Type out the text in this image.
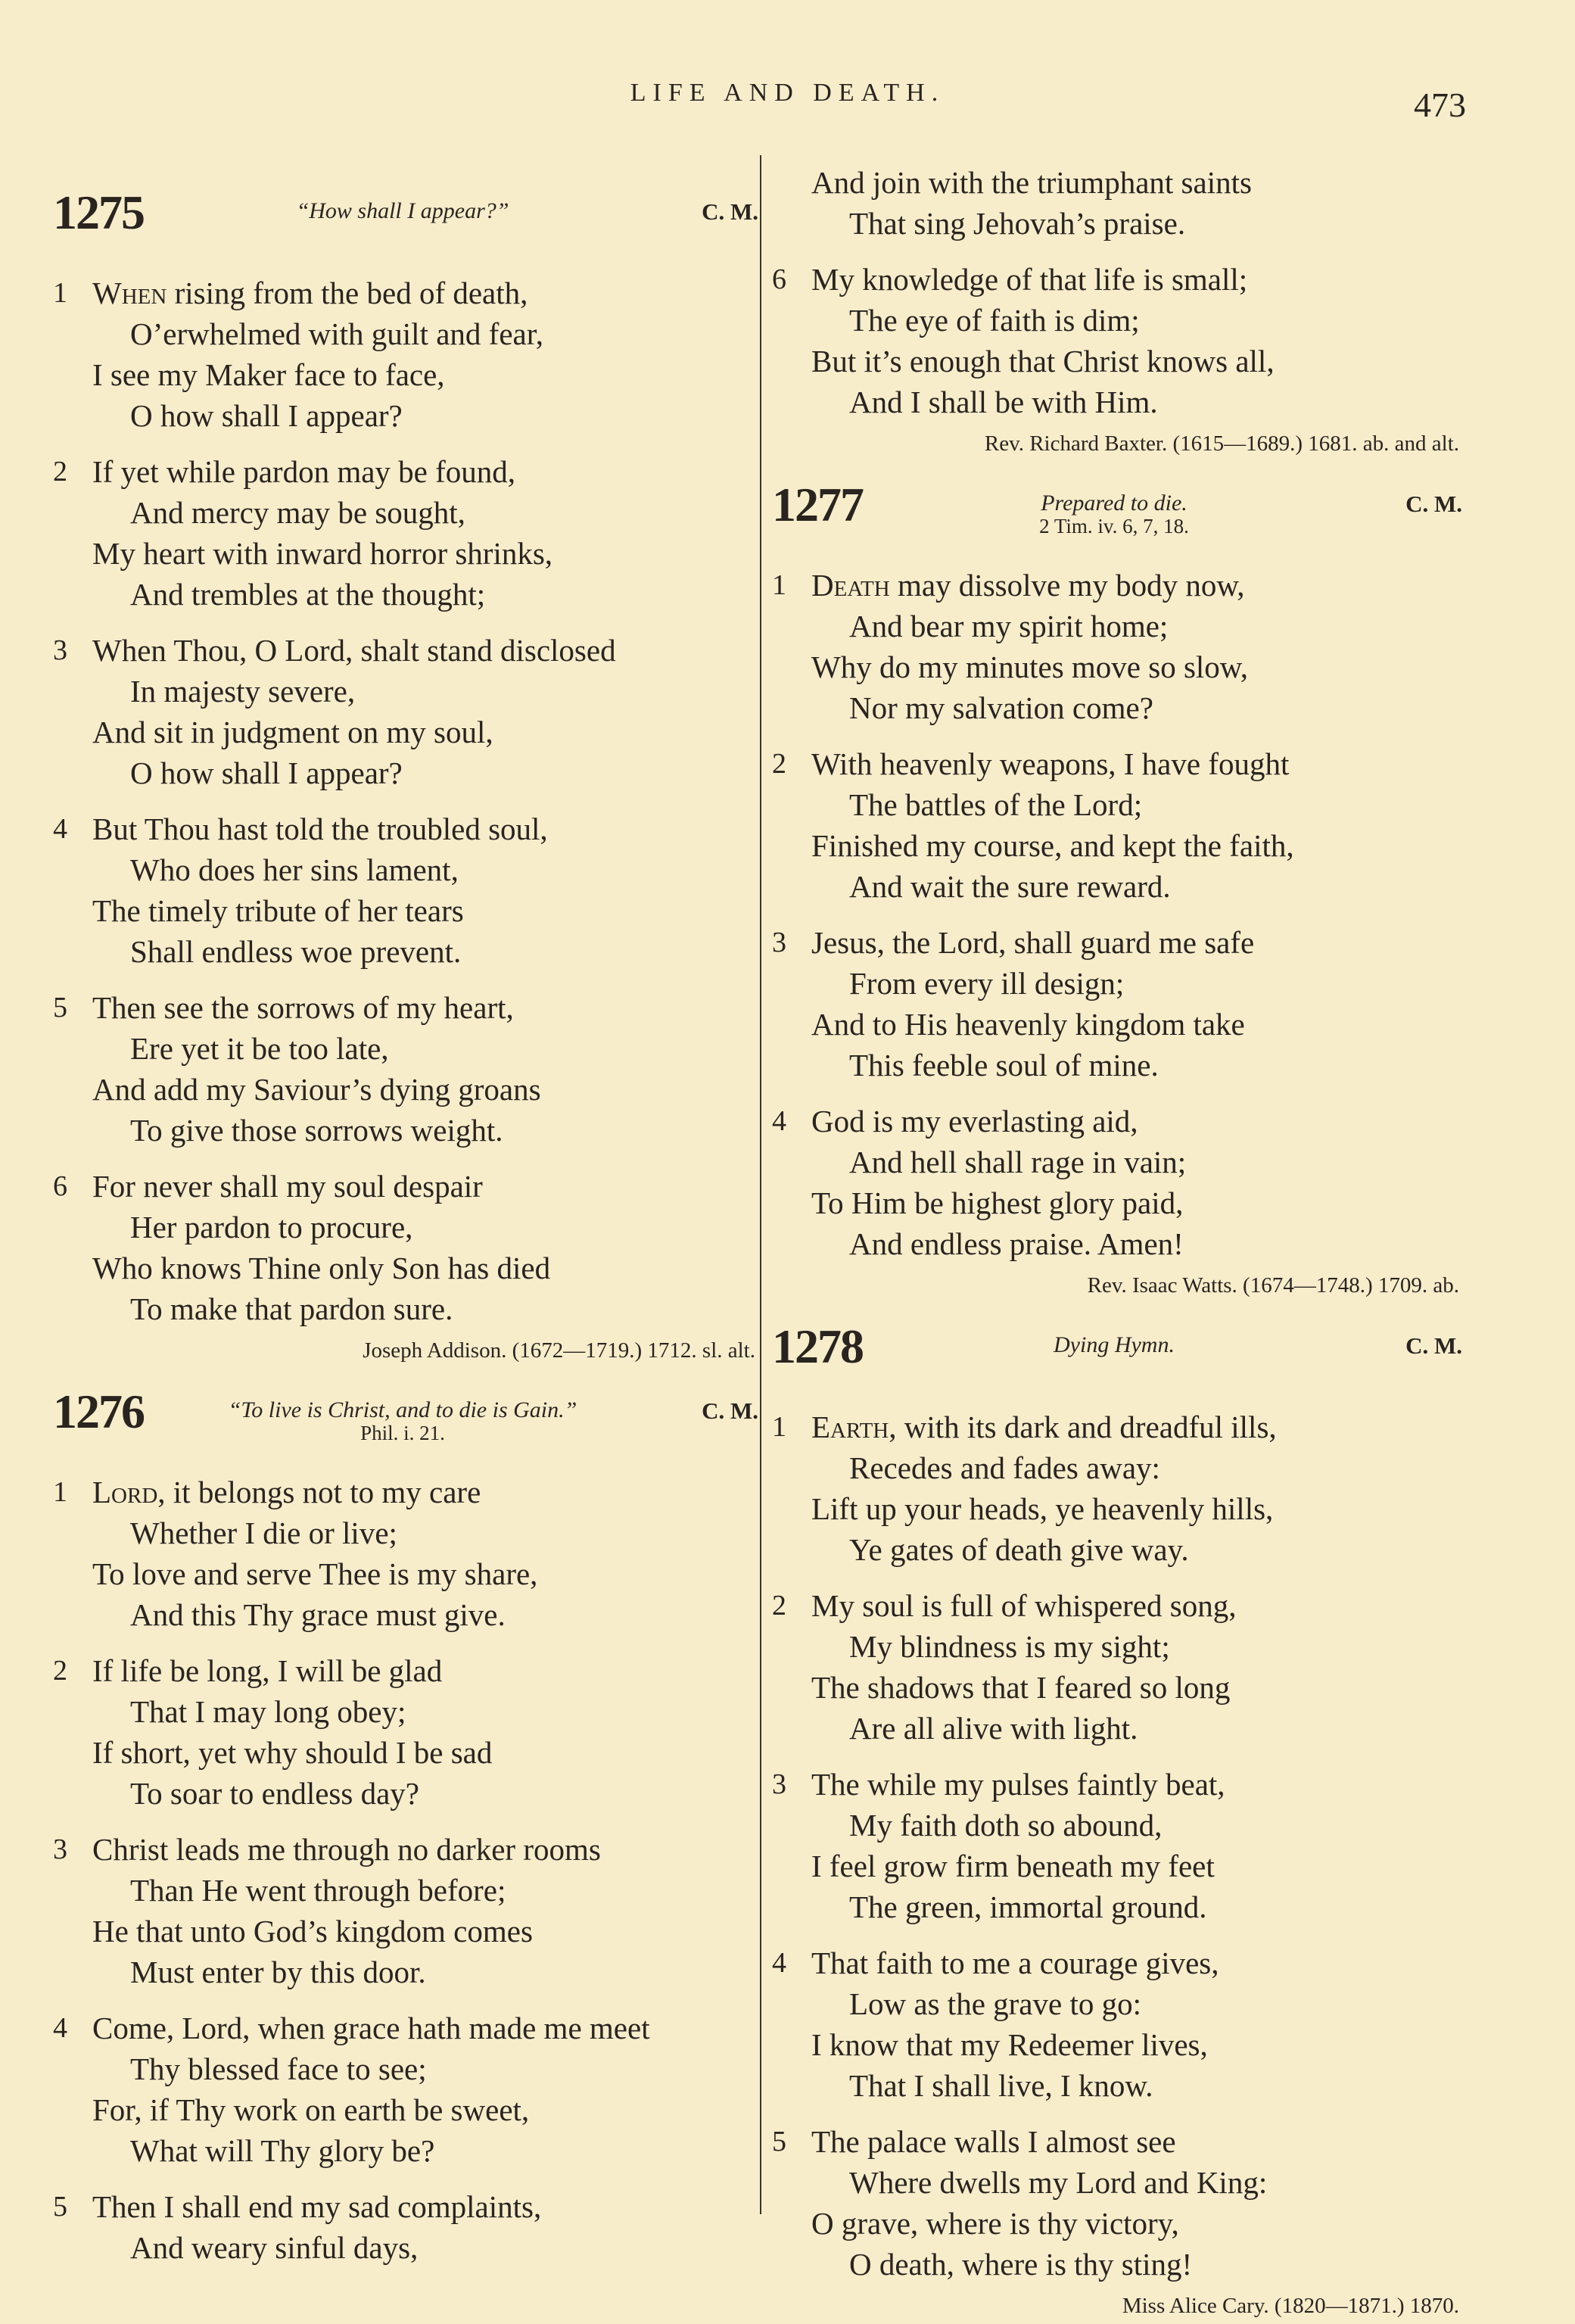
LIFE AND DEATH.	473
1275	“How shall I appear?”	C. M.
1 When rising from the bed of death,
O’erwhelmed with guilt and fear,
I see my Maker face to face,
O how shall I appear?
2 If yet while pardon may be found,
And mercy may be sought,
My heart with inward horror shrinks,
And trembles at the thought;
3 When Thou, O Lord, shalt stand disclosed
In majesty severe,
And sit in judgment on my soul,
O how shall I appear?
4 But Thou hast told the troubled soul,
Who does her sins lament,
The timely tribute of her tears
Shall endless woe prevent.
5 Then see the sorrows of my heart,
Ere yet it be too late,
And add my Saviour’s dying groans
To give those sorrows weight.
6 For never shall my soul despair
Her pardon to procure,
Who knows Thine only Son has died
To make that pardon sure.
Joseph Addison. (1672—1719.) 1712. sl. alt.
1276	“To live is Christ, and to die is Gain.”
Phil. i. 21.
C. M.
1 Lord, it belongs not to my care
Whether I die or live;
To love and serve Thee is my share,
And this Thy grace must give.
2 If life be long, I will be glad
That I may long obey;
If short, yet why should I be sad
To soar to endless day?
3 Christ leads me through no darker rooms
Than He went through before;
He that unto God’s kingdom comes
Must enter by this door.
4 Come, Lord, when grace hath made me meet
Thy blessed face to see;
For, if Thy work on earth be sweet,
What will Thy glory be?
5 Then I shall end my sad complaints,
And weary sinful days,
And join with the triumphant saints
That sing Jehovah’s praise.
6 My knowledge of that life is small;
The eye of faith is dim;
But it’s enough that Christ knows all,
And I shall be with Him.
Rev. Richard Baxter. (1615—1689.) 1681. ab. and alt.
1277	Prepared to die.
2 Tim. iv. 6, 7, 18.
C. M.
1 Death may dissolve my body now,
And bear my spirit home;
Why do my minutes move so slow,
Nor my salvation come?
2 With heavenly weapons, I have fought
The battles of the Lord;
Finished my course, and kept the faith,
And wait the sure reward.
3 Jesus, the Lord, shall guard me safe
From every ill design;
And to His heavenly kingdom take
This feeble soul of mine.
4 God is my everlasting aid,
And hell shall rage in vain;
To Him be highest glory paid,
And endless praise. Amen!
Rev. Isaac Watts. (1674—1748.) 1709. ab.
1278	Dying Hymn.	C. M.
1 Earth, with its dark and dreadful ills,
Recedes and fades away:
Lift up your heads, ye heavenly hills,
Ye gates of death give way.
2 My soul is full of whispered song,
My blindness is my sight;
The shadows that I feared so long
Are all alive with light.
3 The while my pulses faintly beat,
My faith doth so abound,
I feel grow firm beneath my feet
The green, immortal ground.
4 That faith to me a courage gives,
Low as the grave to go:
I know that my Redeemer lives,
That I shall live, I know.
5 The palace walls I almost see
Where dwells my Lord and King:
O grave, where is thy victory,
O death, where is thy sting!
Miss Alice Cary. (1820—1871.) 1870.
